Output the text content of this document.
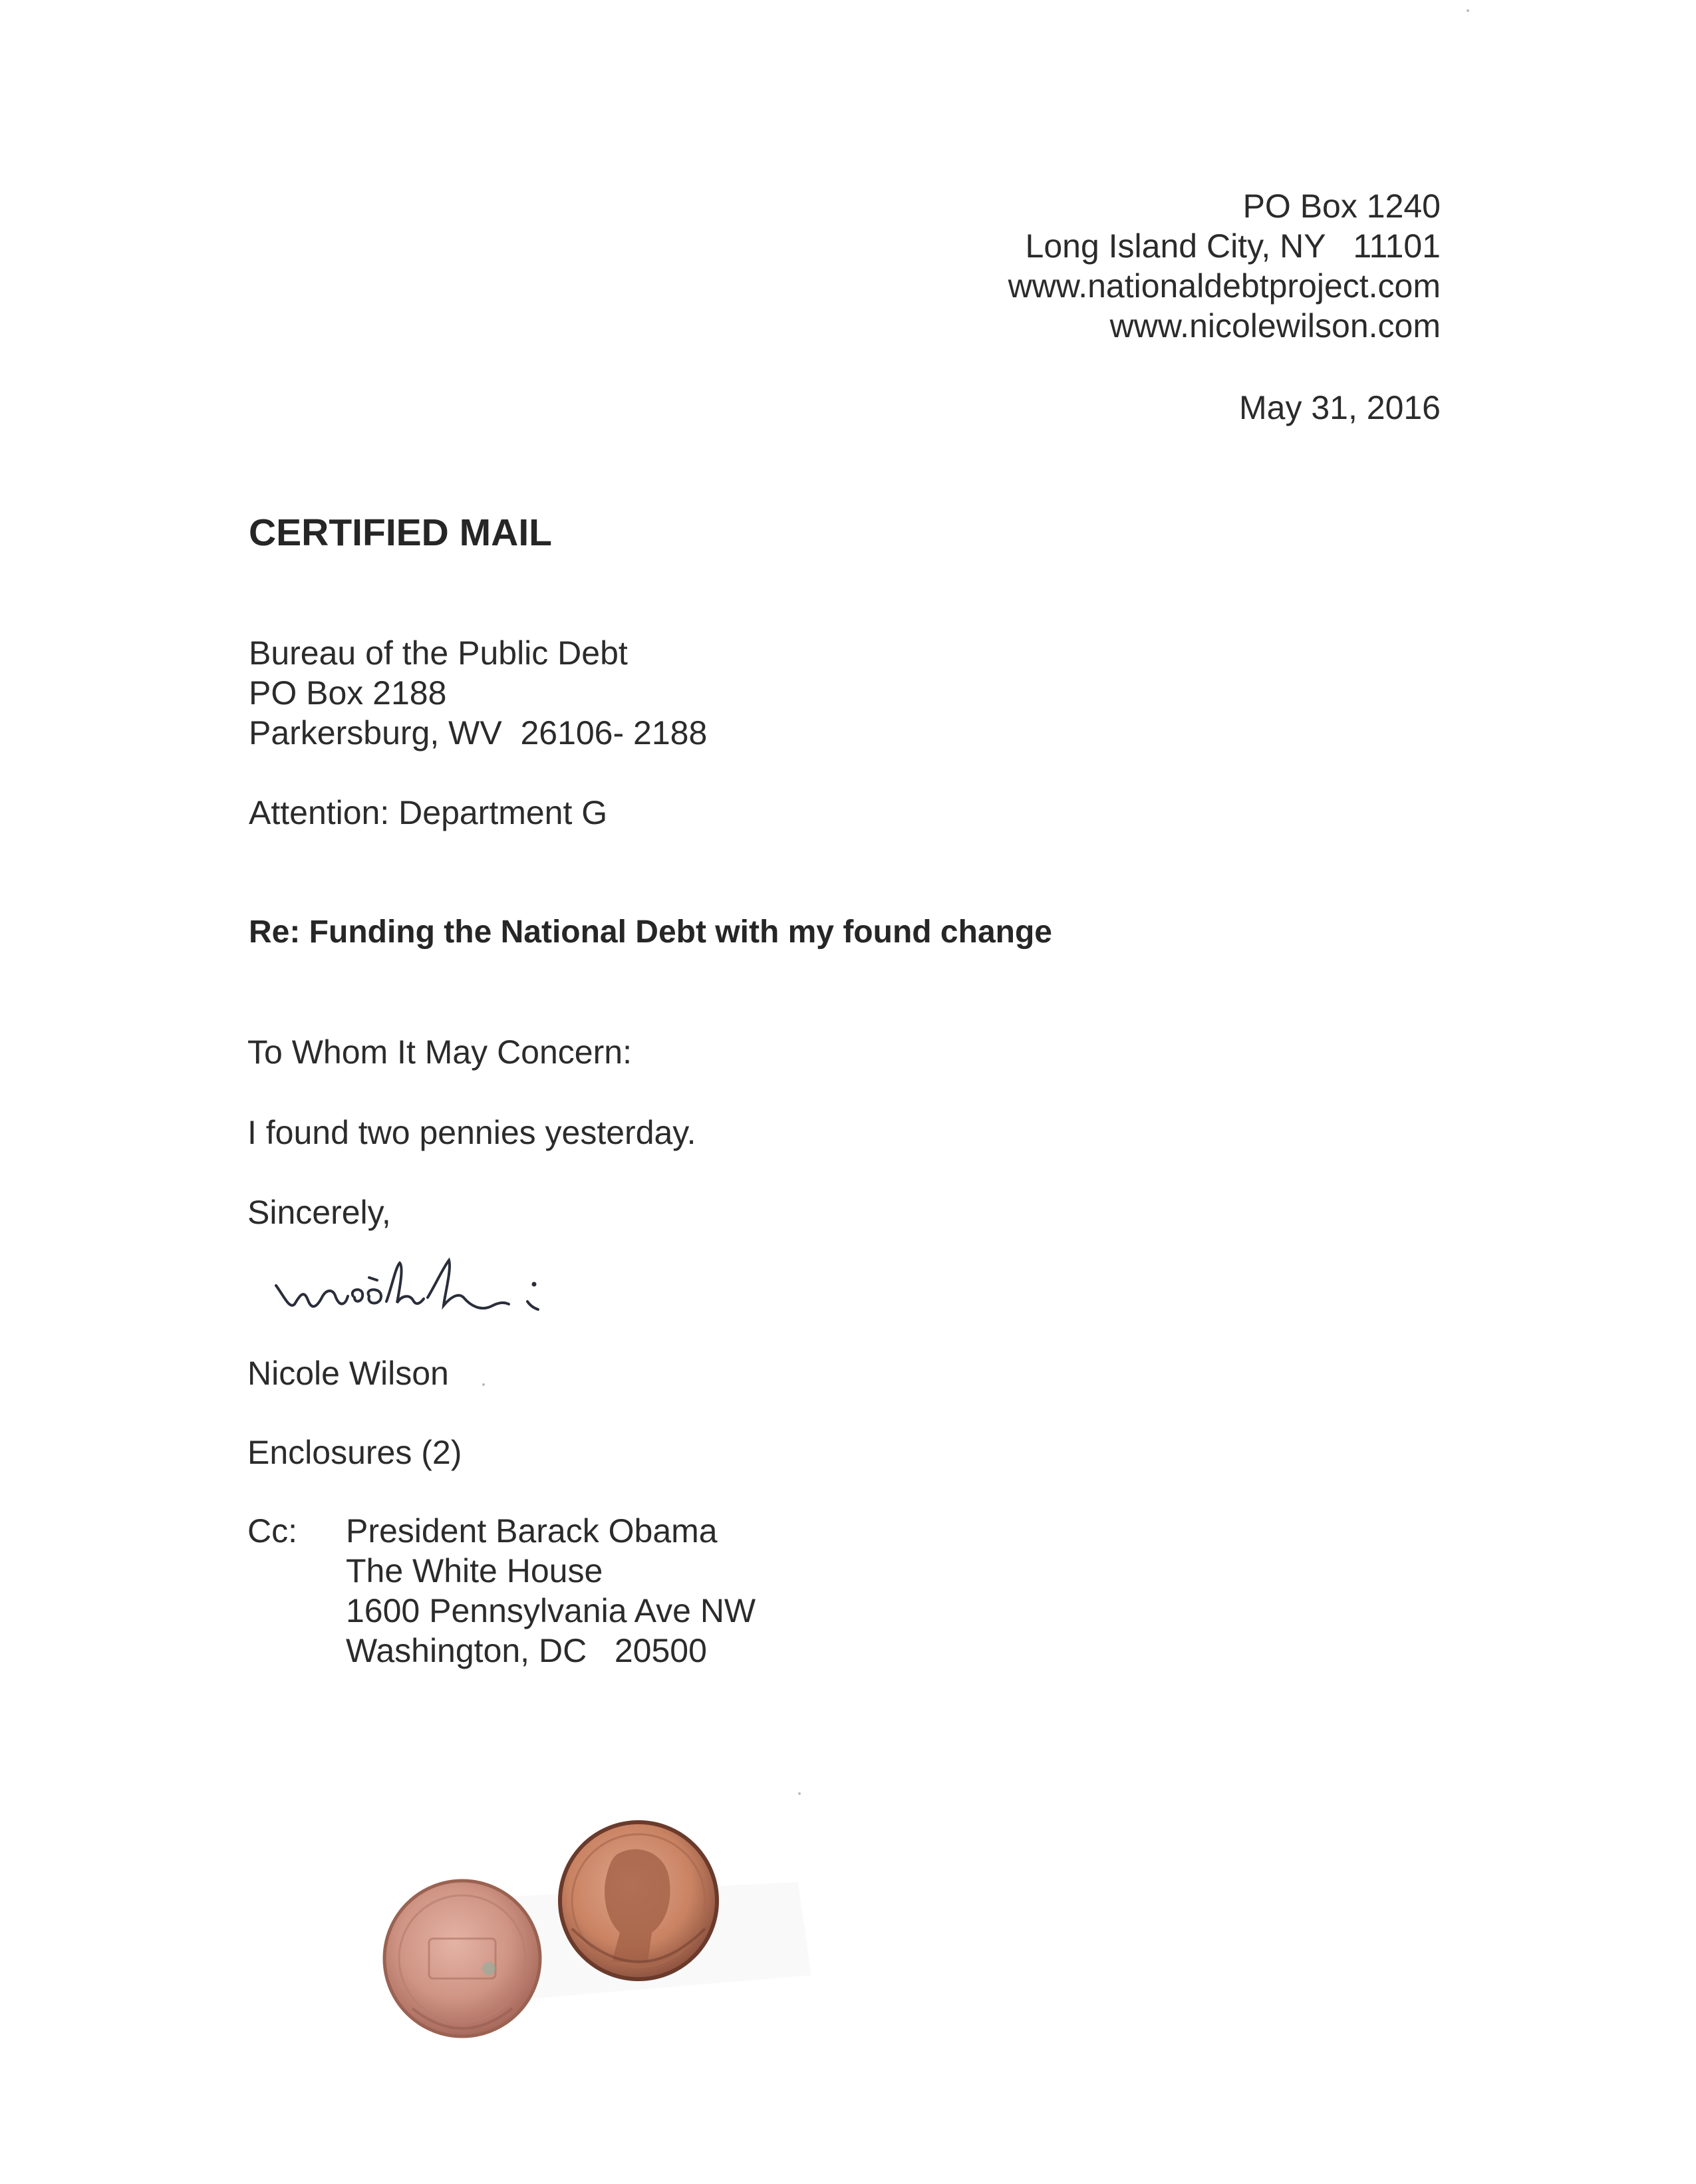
PO Box 1240
Long Island City, NY   11101
www.nationaldebtproject.com
www.nicolewilson.com
May 31, 2016
CERTIFIED MAIL
Bureau of the Public Debt
PO Box 2188
Parkersburg, WV  26106- 2188
Attention: Department G
Re: Funding the National Debt with my found change
To Whom It May Concern:
I found two pennies yesterday.
Sincerely,
Nicole Wilson
Enclosures (2)
Cc: President Barack Obama
The White House
1600 Pennsylvania Ave NW
Washington, DC   20500
